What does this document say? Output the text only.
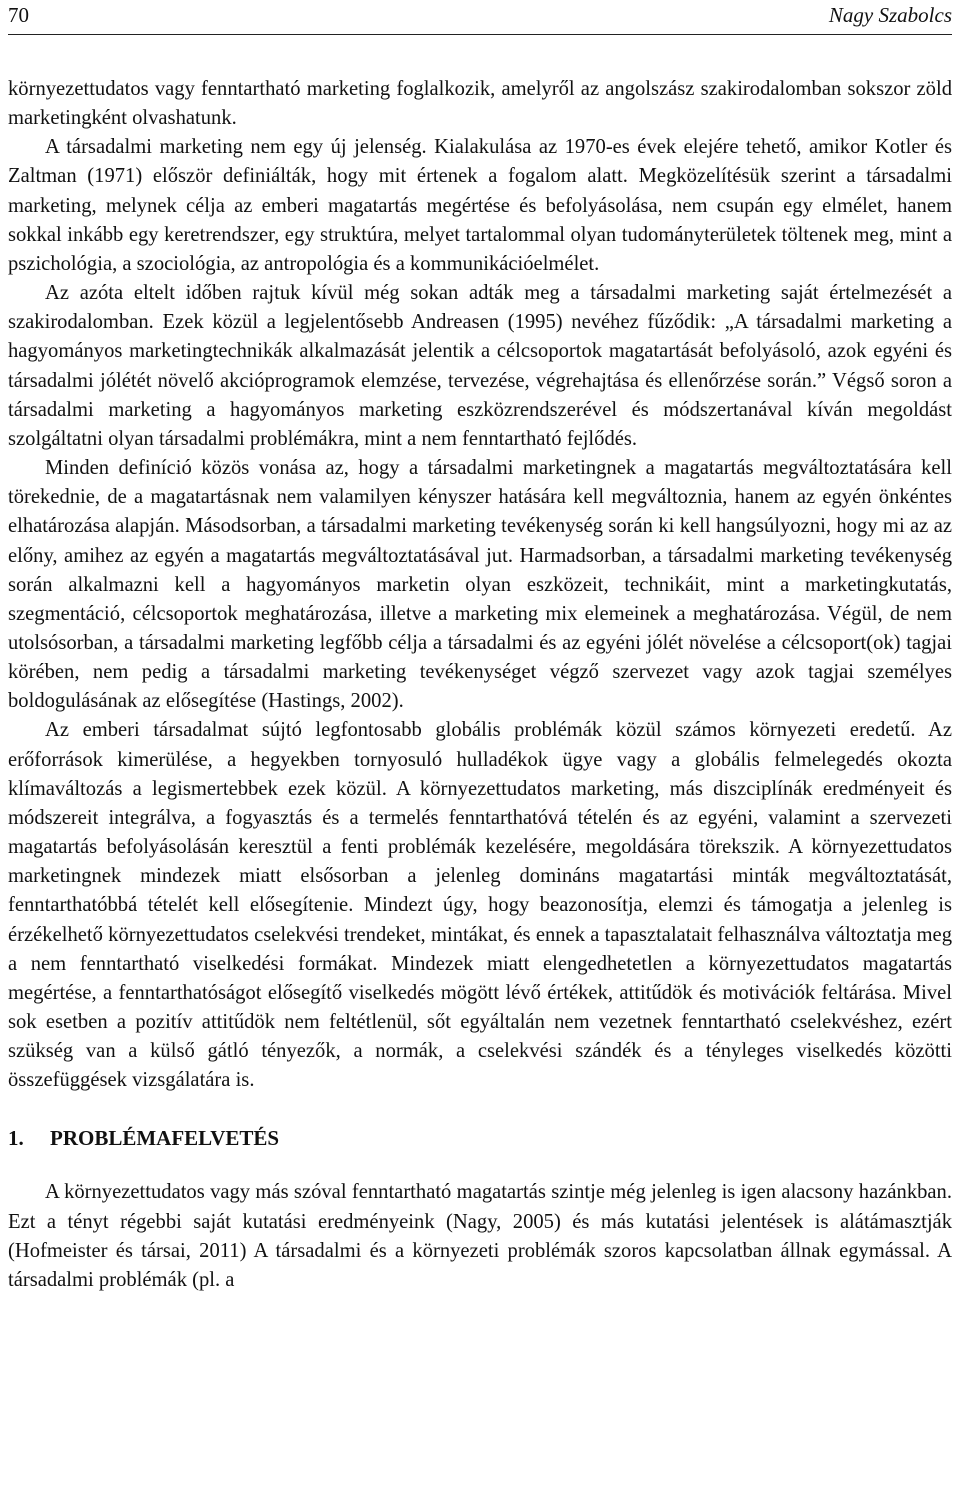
70	Nagy Szabolcs

környezettudatos vagy fenntartható marketing foglalkozik, amelyről az angolszász szakirodalomban sokszor zöld marketingként olvashatunk.

A társadalmi marketing nem egy új jelenség. Kialakulása az 1970-es évek elejére tehető, amikor Kotler és Zaltman (1971) először definiálták, hogy mit értenek a fogalom alatt. Megközelítésük szerint a társadalmi marketing, melynek célja az emberi magatartás megértése és befolyásolása, nem csupán egy elmélet, hanem sokkal inkább egy keretrendszer, egy struktúra, melyet tartalommal olyan tudományterületek töltenek meg, mint a pszichológia, a szociológia, az antropológia és a kommunikációelmélet.

Az azóta eltelt időben rajtuk kívül még sokan adták meg a társadalmi marketing saját értelmezését a szakirodalomban. Ezek közül a legjelentősebb Andreasen (1995) nevéhez fűződik: „A társadalmi marketing a hagyományos marketingtechnikák alkalmazását jelentik a célcsoportok magatartását befolyásoló, azok egyéni és társadalmi jólétét növelő akcióprogramok elemzése, tervezése, végrehajtása és ellenőrzése során.” Végső soron a társadalmi marketing a hagyományos marketing eszközrendszerével és módszertanával kíván megoldást szolgáltatni olyan társadalmi problémákra, mint a nem fenntartható fejlődés.

Minden definíció közös vonása az, hogy a társadalmi marketingnek a magatartás megváltoztatására kell törekednie, de a magatartásnak nem valamilyen kényszer hatására kell megváltoznia, hanem az egyén önkéntes elhatározása alapján. Másodsorban, a társadalmi marketing tevékenység során ki kell hangsúlyozni, hogy mi az az előny, amihez az egyén a magatartás megváltoztatásával jut. Harmadsorban, a társadalmi marketing tevékenység során alkalmazni kell a hagyományos marketin olyan eszközeit, technikáit, mint a marketingkutatás, szegmentáció, célcsoportok meghatározása, illetve a marketing mix elemeinek a meghatározása. Végül, de nem utolsósorban, a társadalmi marketing legfőbb célja a társadalmi és az egyéni jólét növelése a célcsoport(ok) tagjai körében, nem pedig a társadalmi marketing tevékenységet végző szervezet vagy azok tagjai személyes boldogulásának az elősegítése (Hastings, 2002).

Az emberi társadalmat sújtó legfontosabb globális problémák közül számos környezeti eredetű. Az erőforrások kimerülése, a hegyekben tornyosuló hulladékok ügye vagy a globális felmelegedés okozta klímaváltozás a legismertebbek ezek közül. A környezettudatos marketing, más diszciplínák eredményeit és módszereit integrálva, a fogyasztás és a termelés fenntarthatóvá tételén és az egyéni, valamint a szervezeti magatartás befolyásolásán keresztül a fenti problémák kezelésére, megoldására törekszik. A környezettudatos marketingnek mindezek miatt elsősorban a jelenleg domináns magatartási minták megváltoztatását, fenntarthatóbbá tételét kell elősegítenie. Mindezt úgy, hogy beazonosítja, elemzi és támogatja a jelenleg is érzékelhető környezettudatos cselekvési trendeket, mintákat, és ennek a tapasztalatait felhasználva változtatja meg a nem fenntartható viselkedési formákat. Mindezek miatt elengedhetetlen a környezettudatos magatartás megértése, a fenntarthatóságot elősegítő viselkedés mögött lévő értékek, attitűdök és motivációk feltárása. Mivel sok esetben a pozitív attitűdök nem feltétlenül, sőt egyáltalán nem vezetnek fenntartható cselekvéshez, ezért szükség van a külső gátló tényezők, a normák, a cselekvési szándék és a tényleges viselkedés közötti összefüggések vizsgálatára is.

1. PROBLÉMAFELVETÉS

A környezettudatos vagy más szóval fenntartható magatartás szintje még jelenleg is igen alacsony hazánkban. Ezt a tényt régebbi saját kutatási eredményeink (Nagy, 2005) és más kutatási jelentések is alátámasztják (Hofmeister és társai, 2011) A társadalmi és a környezeti problémák szoros kapcsolatban állnak egymással. A társadalmi problémák (pl. a
